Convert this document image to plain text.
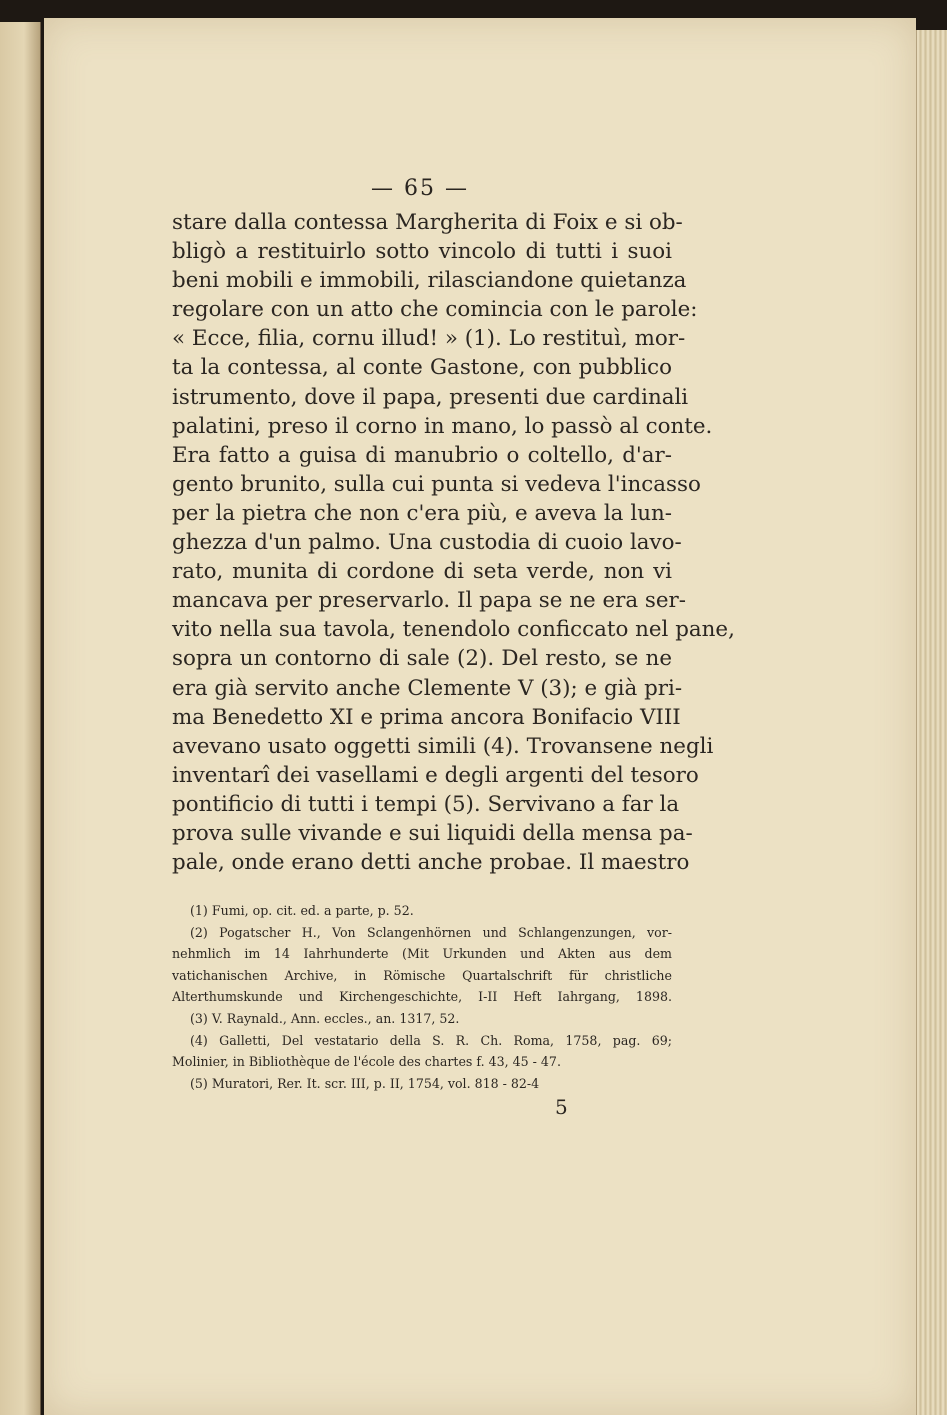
— 65 —
stare dalla contessa Margherita di Foix e si ob-
bligò a restituirlo sotto vincolo di tutti i suoi
beni mobili e immobili, rilasciandone quietanza
regolare con un atto che comincia con le parole:
« Ecce, filia, cornu illud! » (1). Lo restituì, mor-
ta la contessa, al conte Gastone, con pubblico
istrumento, dove il papa, presenti due cardinali
palatini, preso il corno in mano, lo passò al conte.
Era fatto a guisa di manubrio o coltello, d'ar-
gento brunito, sulla cui punta si vedeva l'incasso
per la pietra che non c'era più, e aveva la lun-
ghezza d'un palmo. Una custodia di cuoio lavo-
rato, munita di cordone di seta verde, non vi
mancava per preservarlo. Il papa se ne era ser-
vito nella sua tavola, tenendolo conficcato nel pane,
sopra un contorno di sale (2). Del resto, se ne
era già servito anche Clemente V (3); e già pri-
ma Benedetto XI e prima ancora Bonifacio VIII
avevano usato oggetti simili (4). Trovansene negli
inventarî dei vasellami e degli argenti del tesoro
pontificio di tutti i tempi (5). Servivano a far la
prova sulle vivande e sui liquidi della mensa pa-
pale, onde erano detti anche probae. Il maestro
(1) Fumi, op. cit. ed. a parte, p. 52.
(2) Pogatscher H., Von Sclangenhörnen und Schlangenzungen, vor-
nehmlich im 14 Iahrhunderte (Mit Urkunden und Akten aus dem
vatichanischen Archive, in Römische Quartalschrift für christliche
Alterthumskunde und Kirchengeschichte, I-II Heft Iahrgang, 1898.
(3) V. Raynald., Ann. eccles., an. 1317, 52.
(4) Galletti, Del vestatario della S. R. Ch. Roma, 1758, pag. 69;
Molinier, in Bibliothèque de l'école des chartes f. 43, 45 - 47.
(5) Muratori, Rer. It. scr. III, p. II, 1754, vol. 818 - 82-4
5
